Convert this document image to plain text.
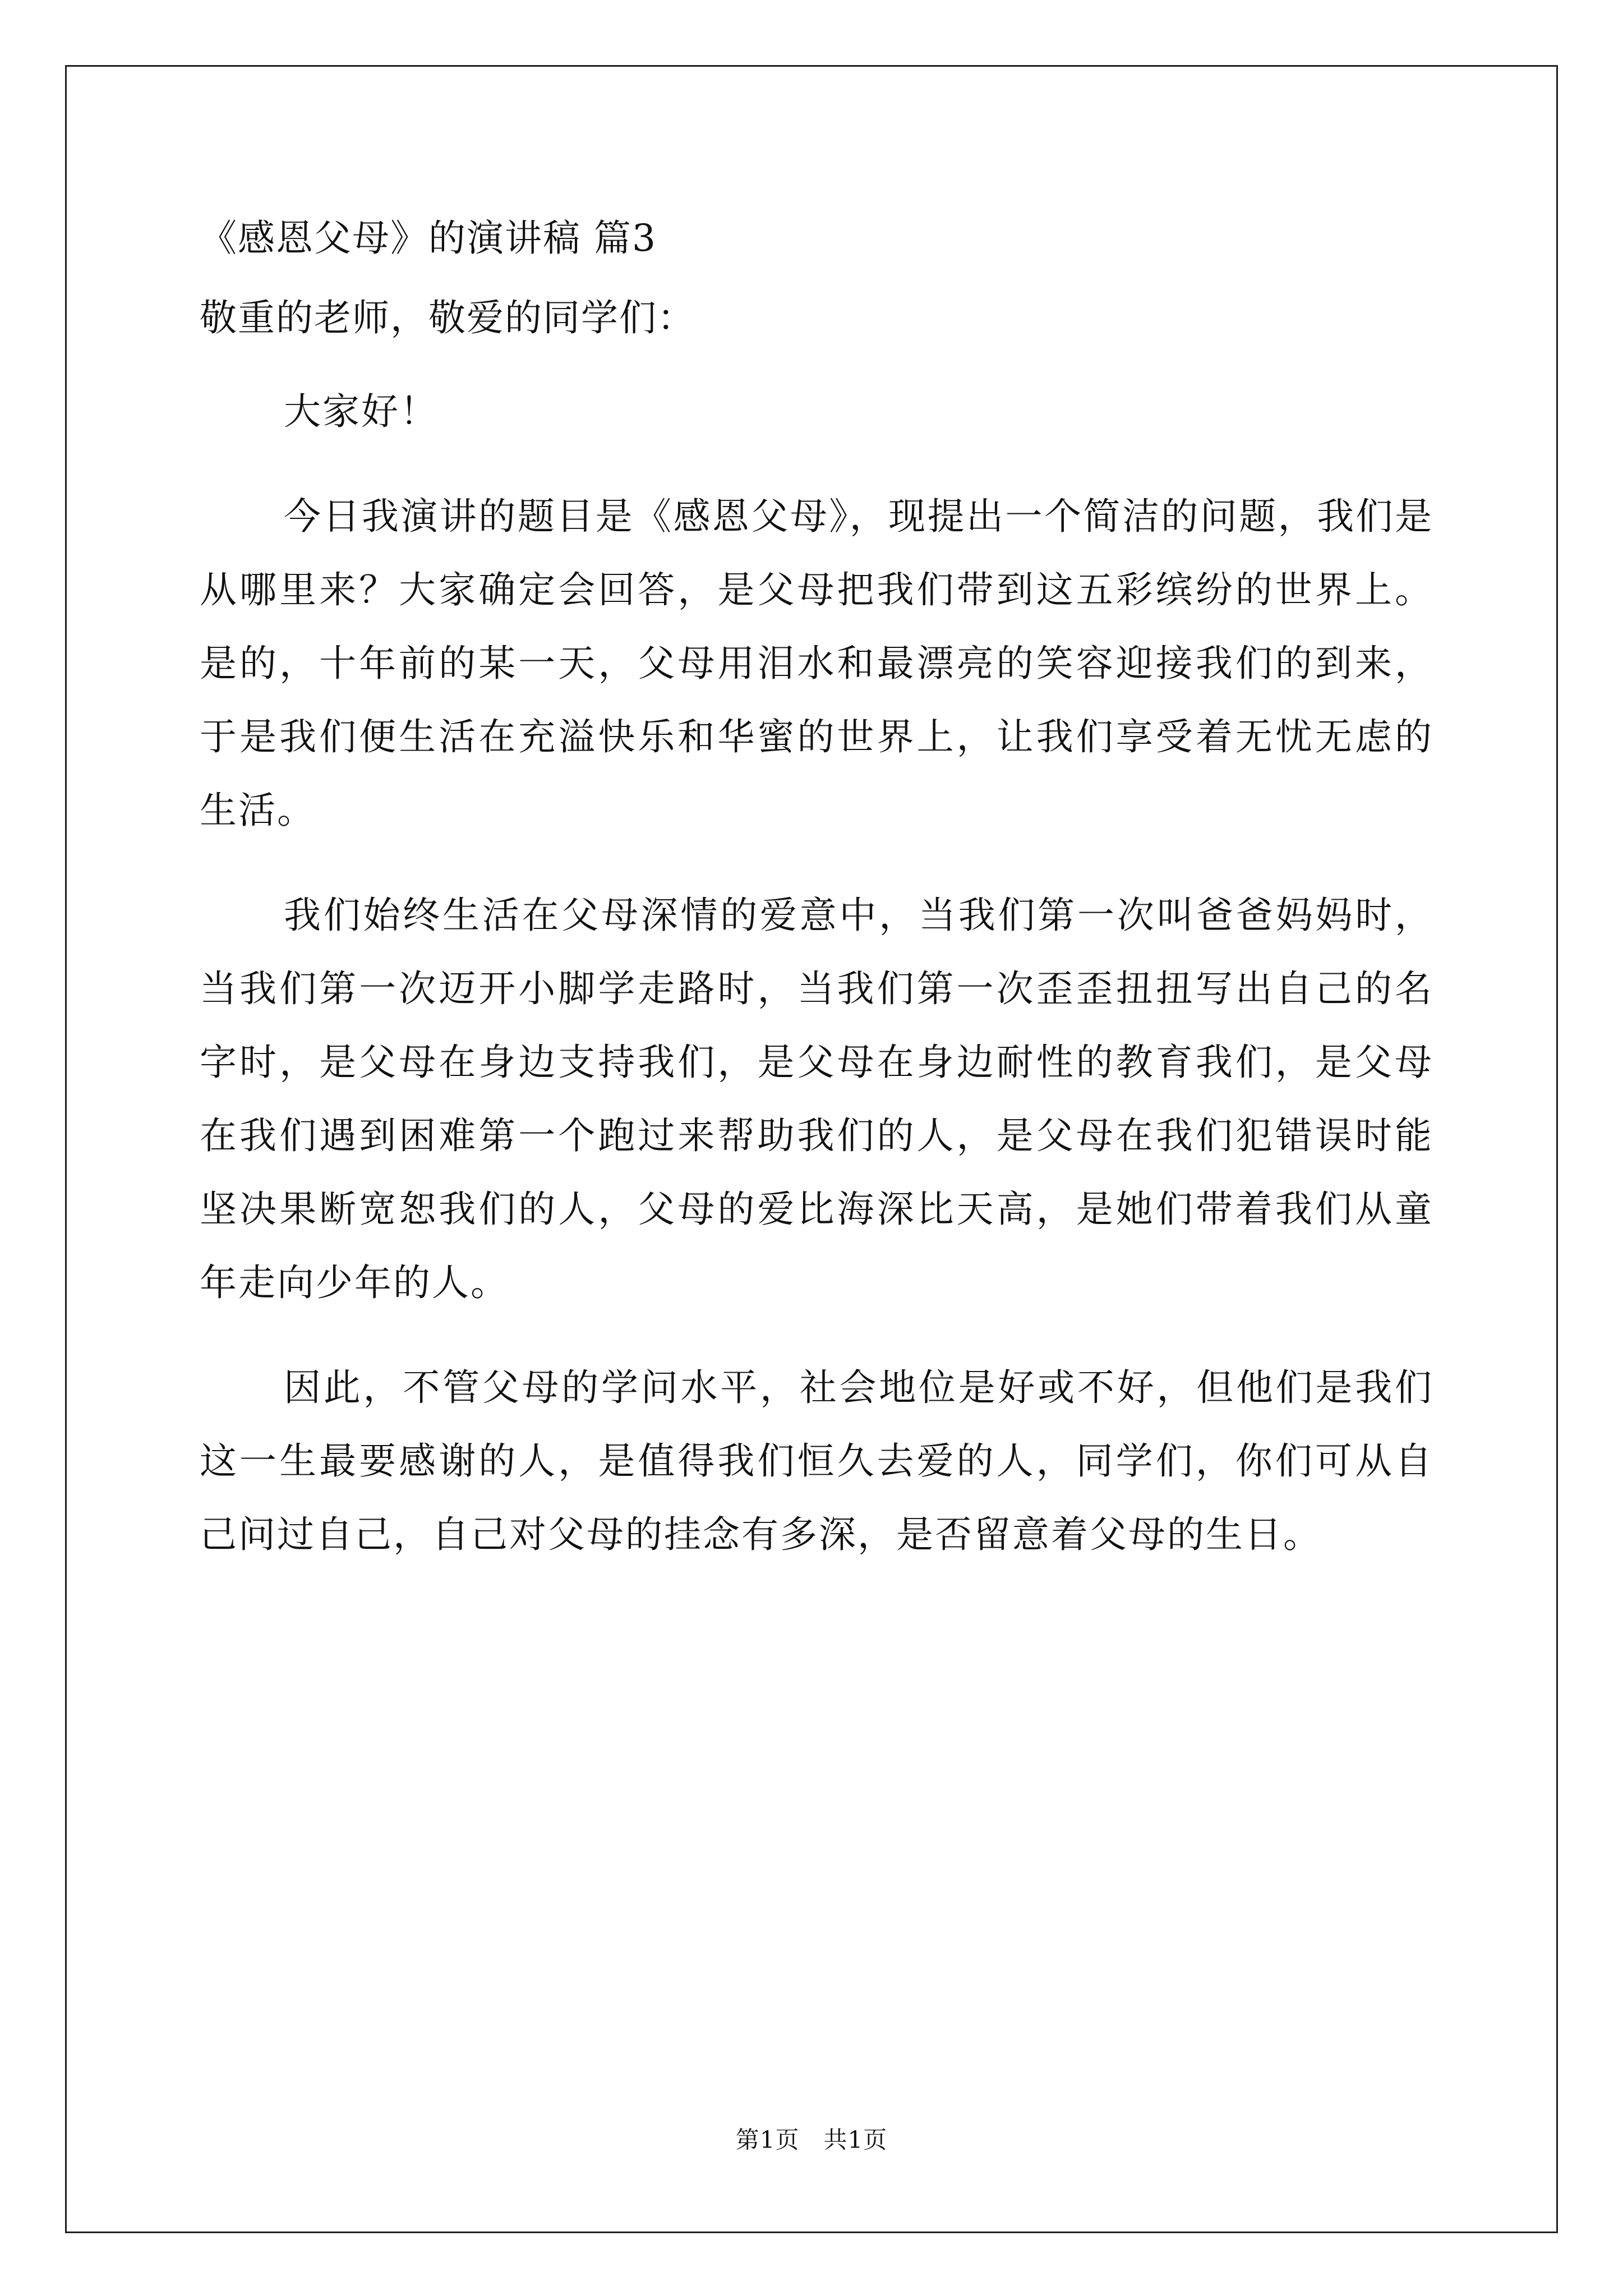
《感恩父母》的演讲稿 篇3
敬重的老师，敬爱的同学们：

大家好！

今日我演讲的题目是《感恩父母》，现提出一个简洁的问题，我们是从哪里来？大家确定会回答，是父母把我们带到这五彩缤纷的世界上。是的，十年前的某一天，父母用泪水和最漂亮的笑容迎接我们的到来，于是我们便生活在充溢快乐和华蜜的世界上，让我们享受着无忧无虑的生活。

我们始终生活在父母深情的爱意中，当我们第一次叫爸爸妈妈时，当我们第一次迈开小脚学走路时，当我们第一次歪歪扭扭写出自己的名字时，是父母在身边支持我们，是父母在身边耐性的教育我们，是父母在我们遇到困难第一个跑过来帮助我们的人，是父母在我们犯错误时能坚决果断宽恕我们的人，父母的爱比海深比天高，是她们带着我们从童年走向少年的人。

因此，不管父母的学问水平，社会地位是好或不好，但他们是我们这一生最要感谢的人，是值得我们恒久去爱的人，同学们，你们可从自己问过自己，自己对父母的挂念有多深，是否留意着父母的生日。

第1页　共1页
